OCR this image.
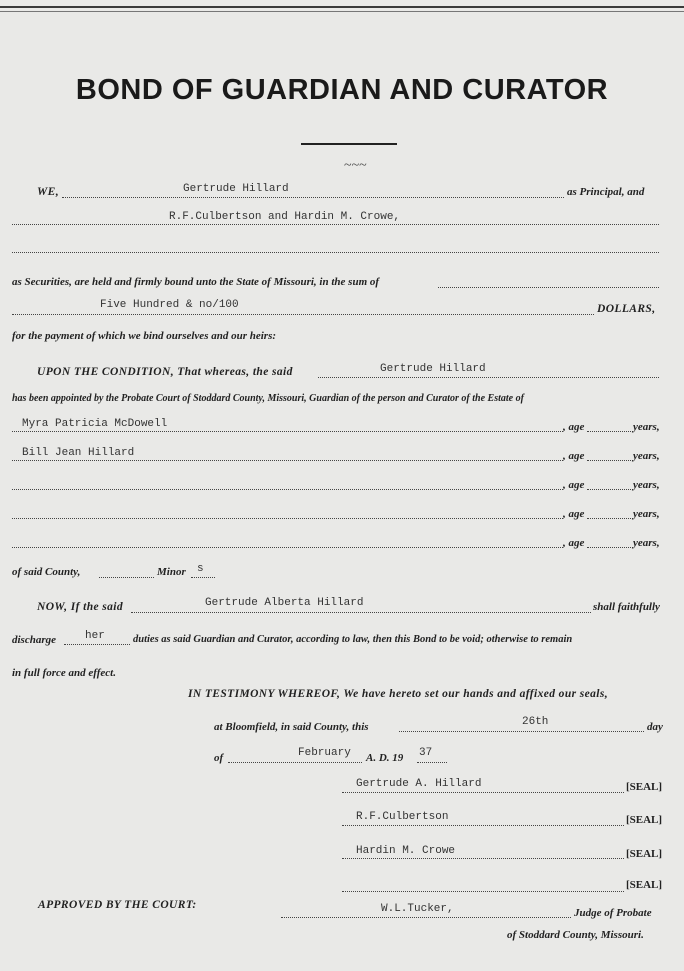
BOND OF GUARDIAN AND CURATOR
~~~
WE,	Gertrude Hillard	as Principal, and
R.F.Culbertson and Hardin M. Crowe,
as Securities, are held and firmly bound unto the State of Missouri, in the sum of
Five Hundred & no/100	DOLLARS,
for the payment of which we bind ourselves and our heirs:
UPON THE CONDITION, That whereas, the said	Gertrude Hillard
has been appointed by the Probate Court of Stoddard County, Missouri, Guardian of the person and Curator of the Estate of
Myra Patricia McDowell	, age	years,
Bill Jean Hillard	, age	years,
, age	years,
, age	years,
, age	years,
of said County,	Minor s
NOW, If the said	Gertrude Alberta Hillard	shall faithfully
discharge	her	duties as said Guardian and Curator, according to law, then this Bond to be void; otherwise to remain
in full force and effect.
IN TESTIMONY WHEREOF, We have hereto set our hands and affixed our seals,
at Bloomfield, in said County, this	26th	day
of	February A. D. 19 37
Gertrude A. Hillard	[SEAL]
R.F.Culbertson	[SEAL]
Hardin M. Crowe	[SEAL]
[SEAL]
APPROVED BY THE COURT:	W.L.Tucker,	Judge of Probate
of Stoddard County, Missouri.
